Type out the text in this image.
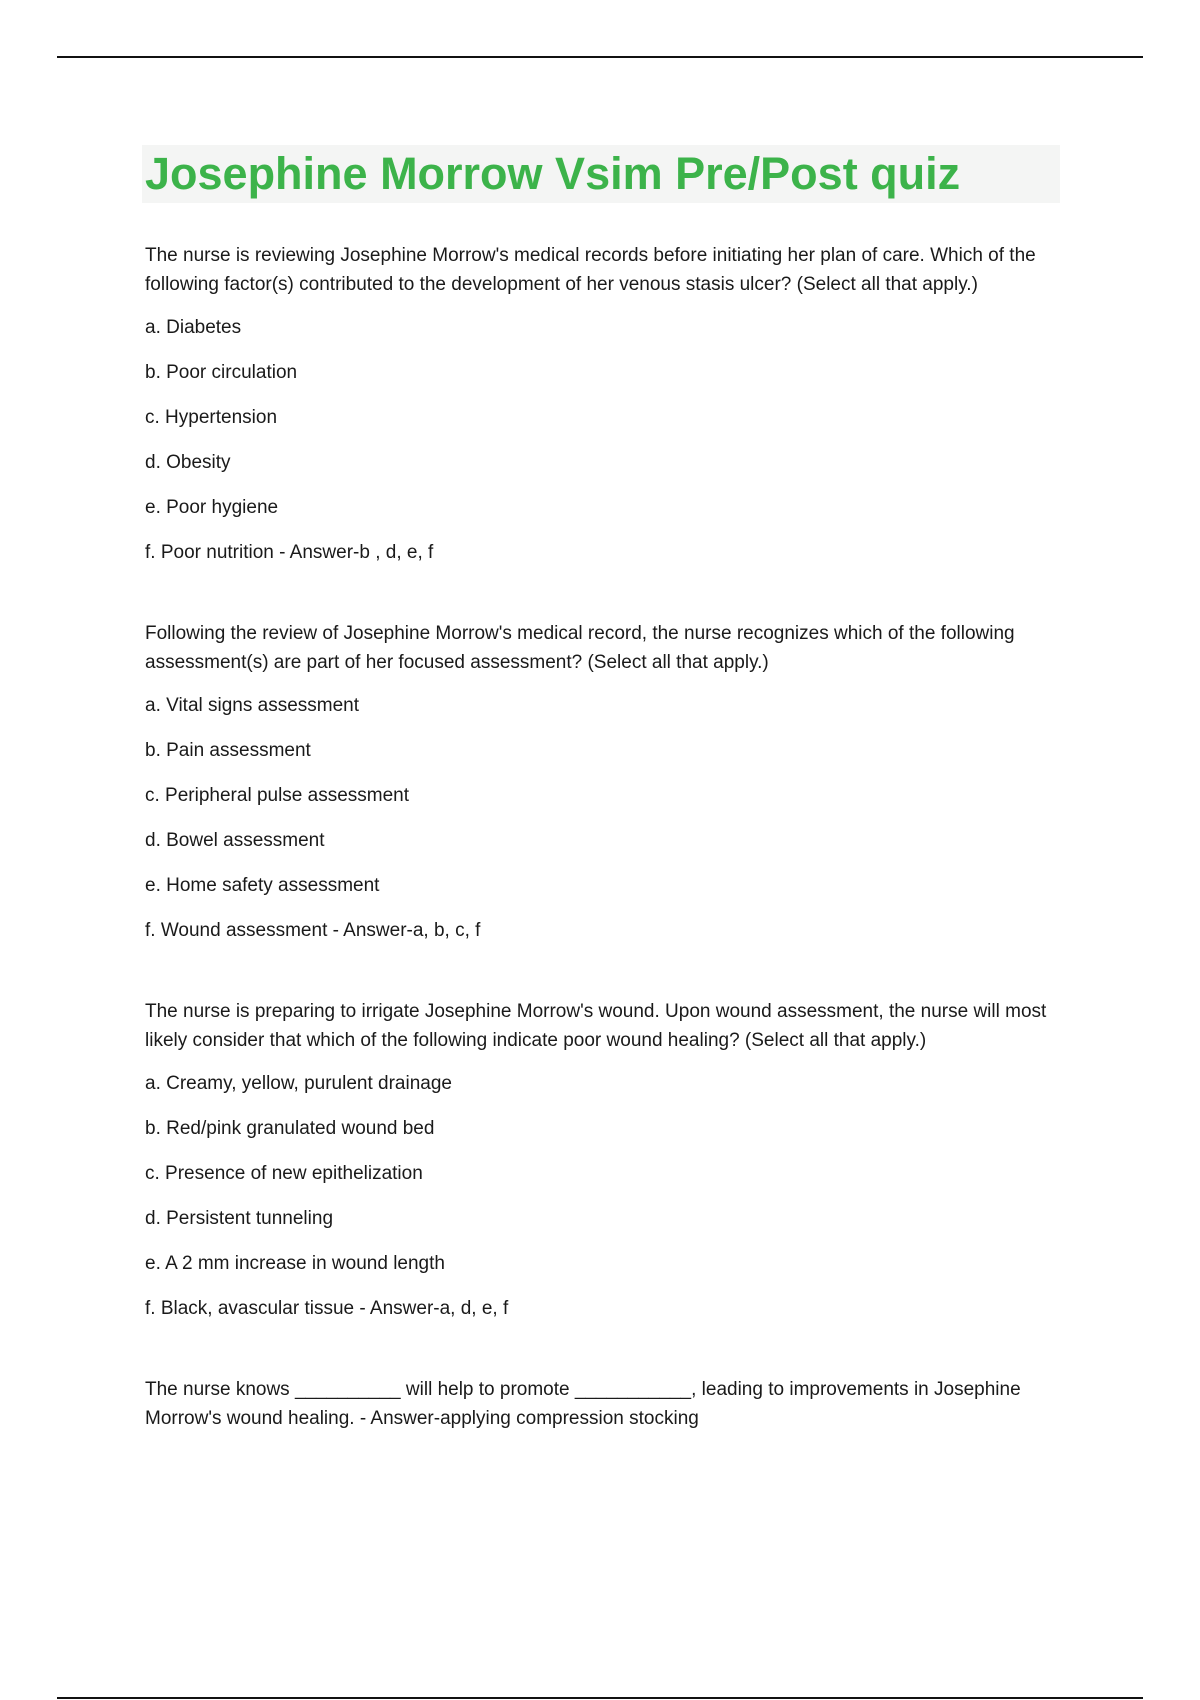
Josephine Morrow Vsim Pre/Post quiz

The nurse is reviewing Josephine Morrow's medical records before initiating her plan of care. Which of the following factor(s) contributed to the development of her venous stasis ulcer? (Select all that apply.)

a. Diabetes

b. Poor circulation

c. Hypertension

d. Obesity

e. Poor hygiene

f. Poor nutrition - Answer-b , d, e, f

Following the review of Josephine Morrow's medical record, the nurse recognizes which of the following assessment(s) are part of her focused assessment? (Select all that apply.)

a. Vital signs assessment

b. Pain assessment

c. Peripheral pulse assessment

d. Bowel assessment

e. Home safety assessment

f. Wound assessment - Answer-a, b, c, f

The nurse is preparing to irrigate Josephine Morrow's wound. Upon wound assessment, the nurse will most likely consider that which of the following indicate poor wound healing? (Select all that apply.)

a. Creamy, yellow, purulent drainage

b. Red/pink granulated wound bed

c. Presence of new epithelization

d. Persistent tunneling

e. A 2 mm increase in wound length

f. Black, avascular tissue - Answer-a, d, e, f

The nurse knows __________ will help to promote ___________, leading to improvements in Josephine Morrow's wound healing. - Answer-applying compression stocking
